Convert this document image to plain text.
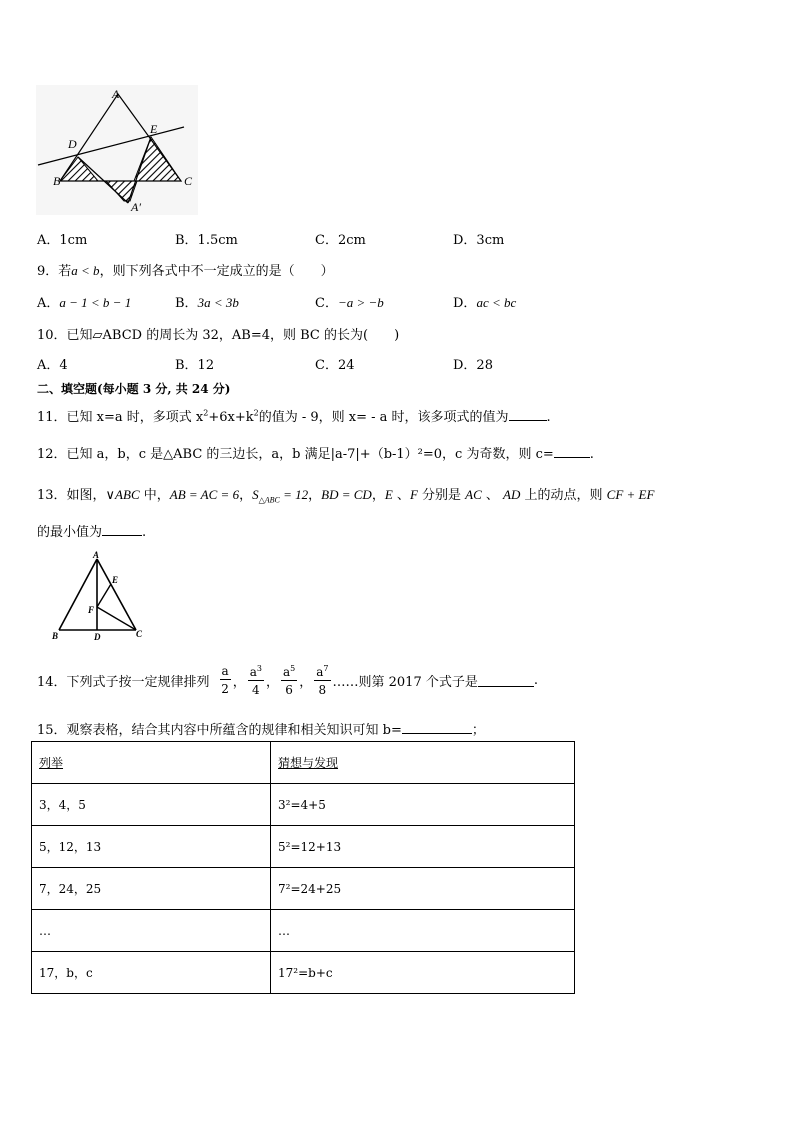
A
D
E
B	C
A′
A．1cm	B．1.5cm	C．2cm	D．3cm
9．若a < b，则下列各式中不一定成立的是（　　）
A．a − 1 < b − 1	B．3a < 3b	C．−a > −b	D．ac < bc
10．已知▱ABCD 的周长为 32，AB=4，则 BC 的长为(　　)
A．4	B．12	C．24	D．28
二、填空题(每小题 3 分, 共 24 分)
11．已知 x=a 时，多项式 $x^2+6x+k^2$的值为 - 9，则 x= - a 时，该多项式的值为	.
12．已知 a，b，c 是△ABC 的三边长，a，b 满足|a-7|+（b-1）²=0，c 为奇数，则 c=	.
13．如图，∨ABC 中，AB = AC = 6，$S_{\triangle ABC} = 12$，BD = CD，E 、F 分别是 AC 、 AD 上的动点，则 CF + EF
的最小值为	.
A
E
F
B	D	C
14．下列式子按一定规律排列 $\frac{a}{2}$ ， $\frac{a^3}{4}$ ， $\frac{a^5}{6}$ ， $\frac{a^7}{8}$ ……则第 2017 个式子是	.
15．观察表格，结合其内容中所蕴含的规律和相关知识可知 b=	；
列举	猜想与发现
3，4，5	3²=4+5
5，12，13	5²=12+13
7，24，25	7²=24+25
…	…
17，b，c	17²=b+c
